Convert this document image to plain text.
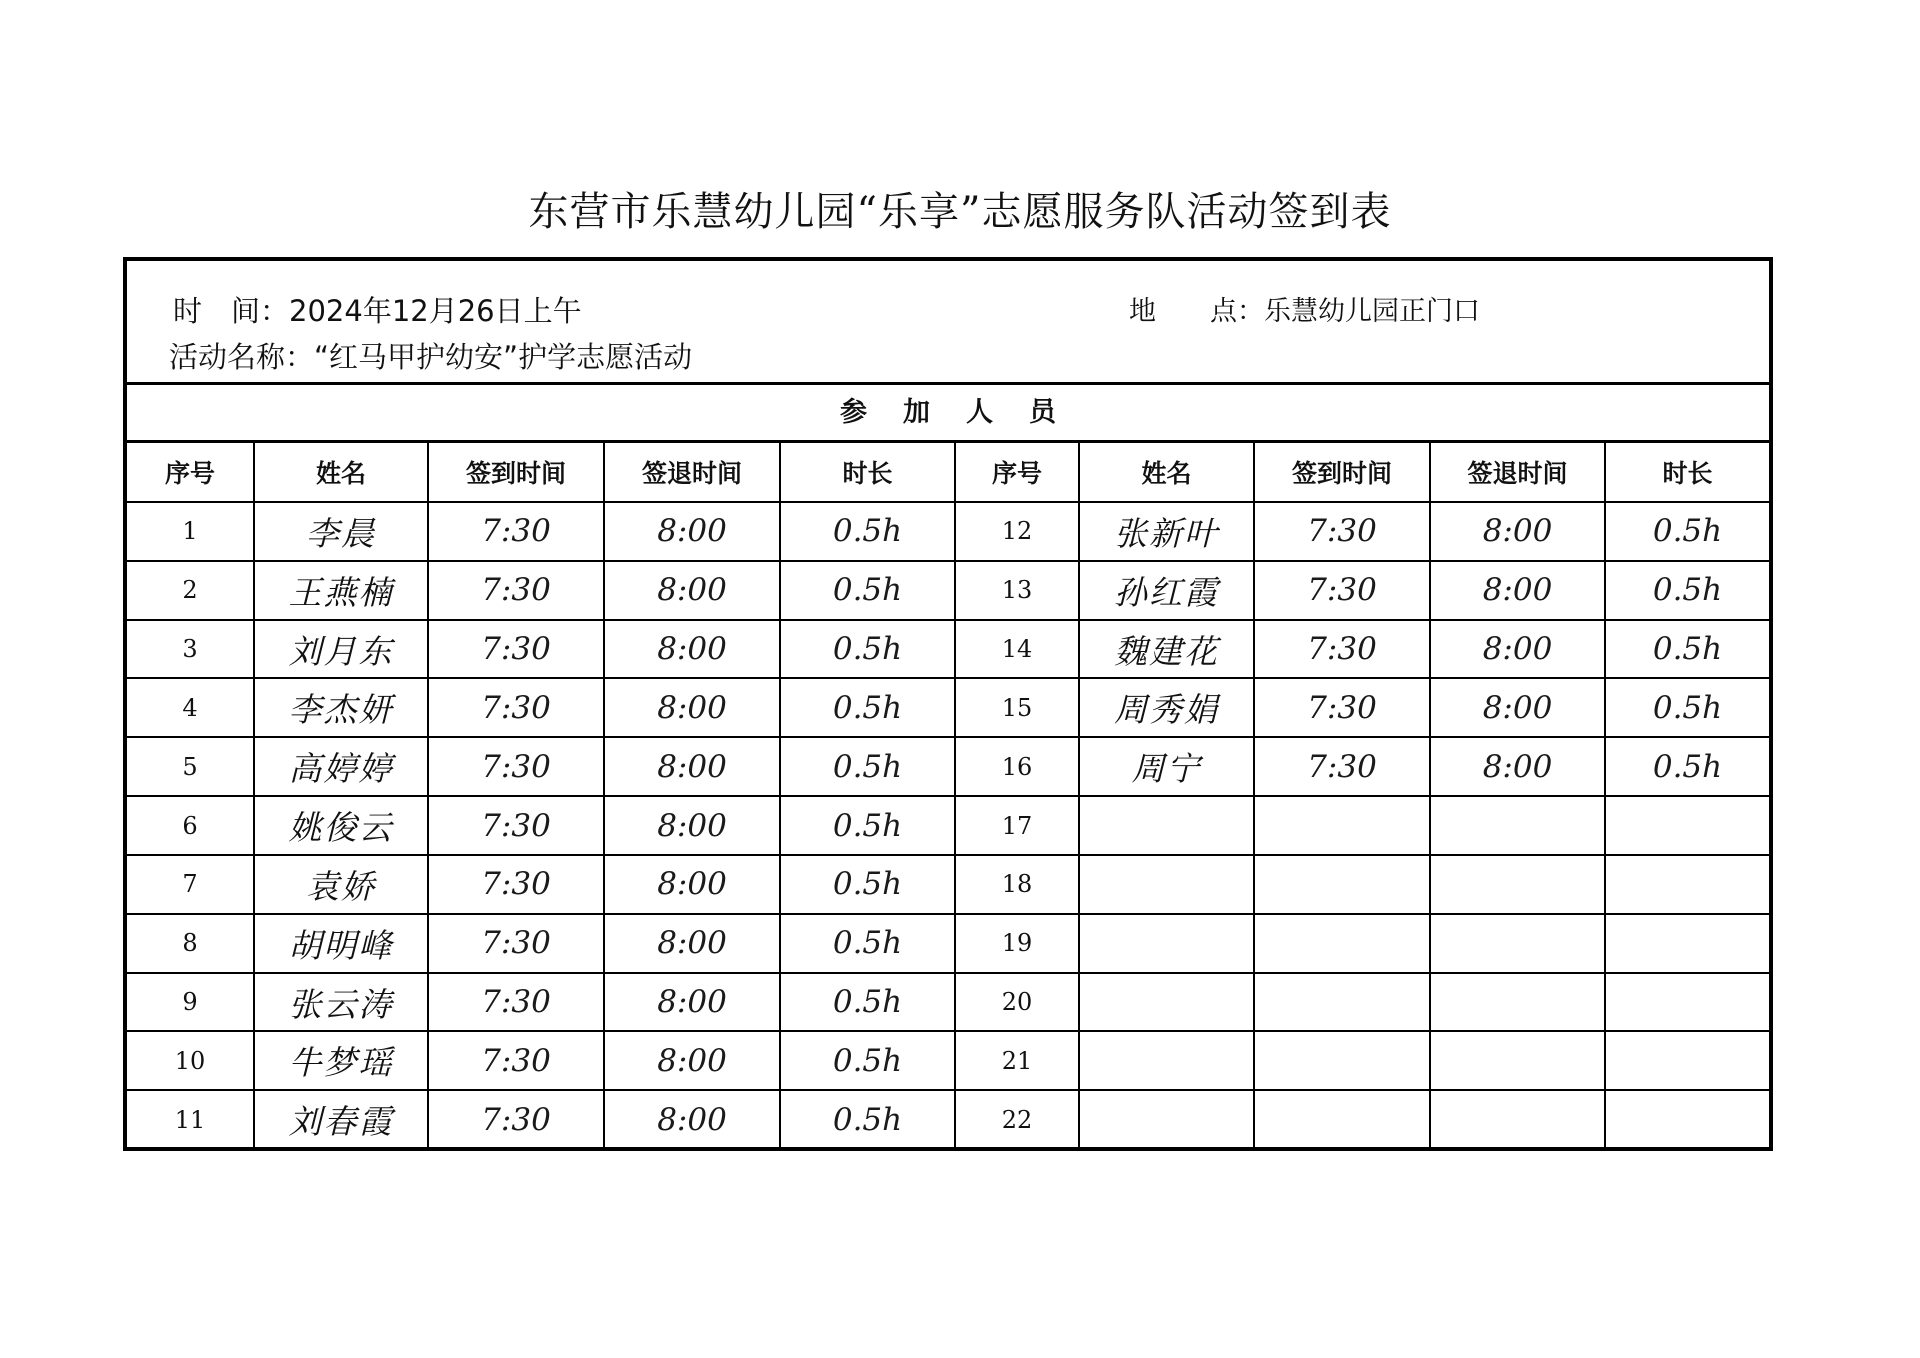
东营市乐慧幼儿园“乐享”志愿服务队活动签到表
时　间：2024年12月26日上午	地　　点：乐慧幼儿园正门口
活动名称：“红马甲护幼安”护学志愿活动
参加人员
序号	姓名	签到时间	签退时间	时长	序号	姓名	签到时间	签退时间	时长
1	李晨	7:30	8:00	0.5h	12	张新叶	7:30	8:00	0.5h
2	王燕楠	7:30	8:00	0.5h	13	孙红霞	7:30	8:00	0.5h
3	刘月东	7:30	8:00	0.5h	14	魏建花	7:30	8:00	0.5h
4	李杰妍	7:30	8:00	0.5h	15	周秀娟	7:30	8:00	0.5h
5	高婷婷	7:30	8:00	0.5h	16	周宁	7:30	8:00	0.5h
6	姚俊云	7:30	8:00	0.5h	17				
7	袁娇	7:30	8:00	0.5h	18				
8	胡明峰	7:30	8:00	0.5h	19				
9	张云涛	7:30	8:00	0.5h	20				
10	牛梦瑶	7:30	8:00	0.5h	21				
11	刘春霞	7:30	8:00	0.5h	22				
